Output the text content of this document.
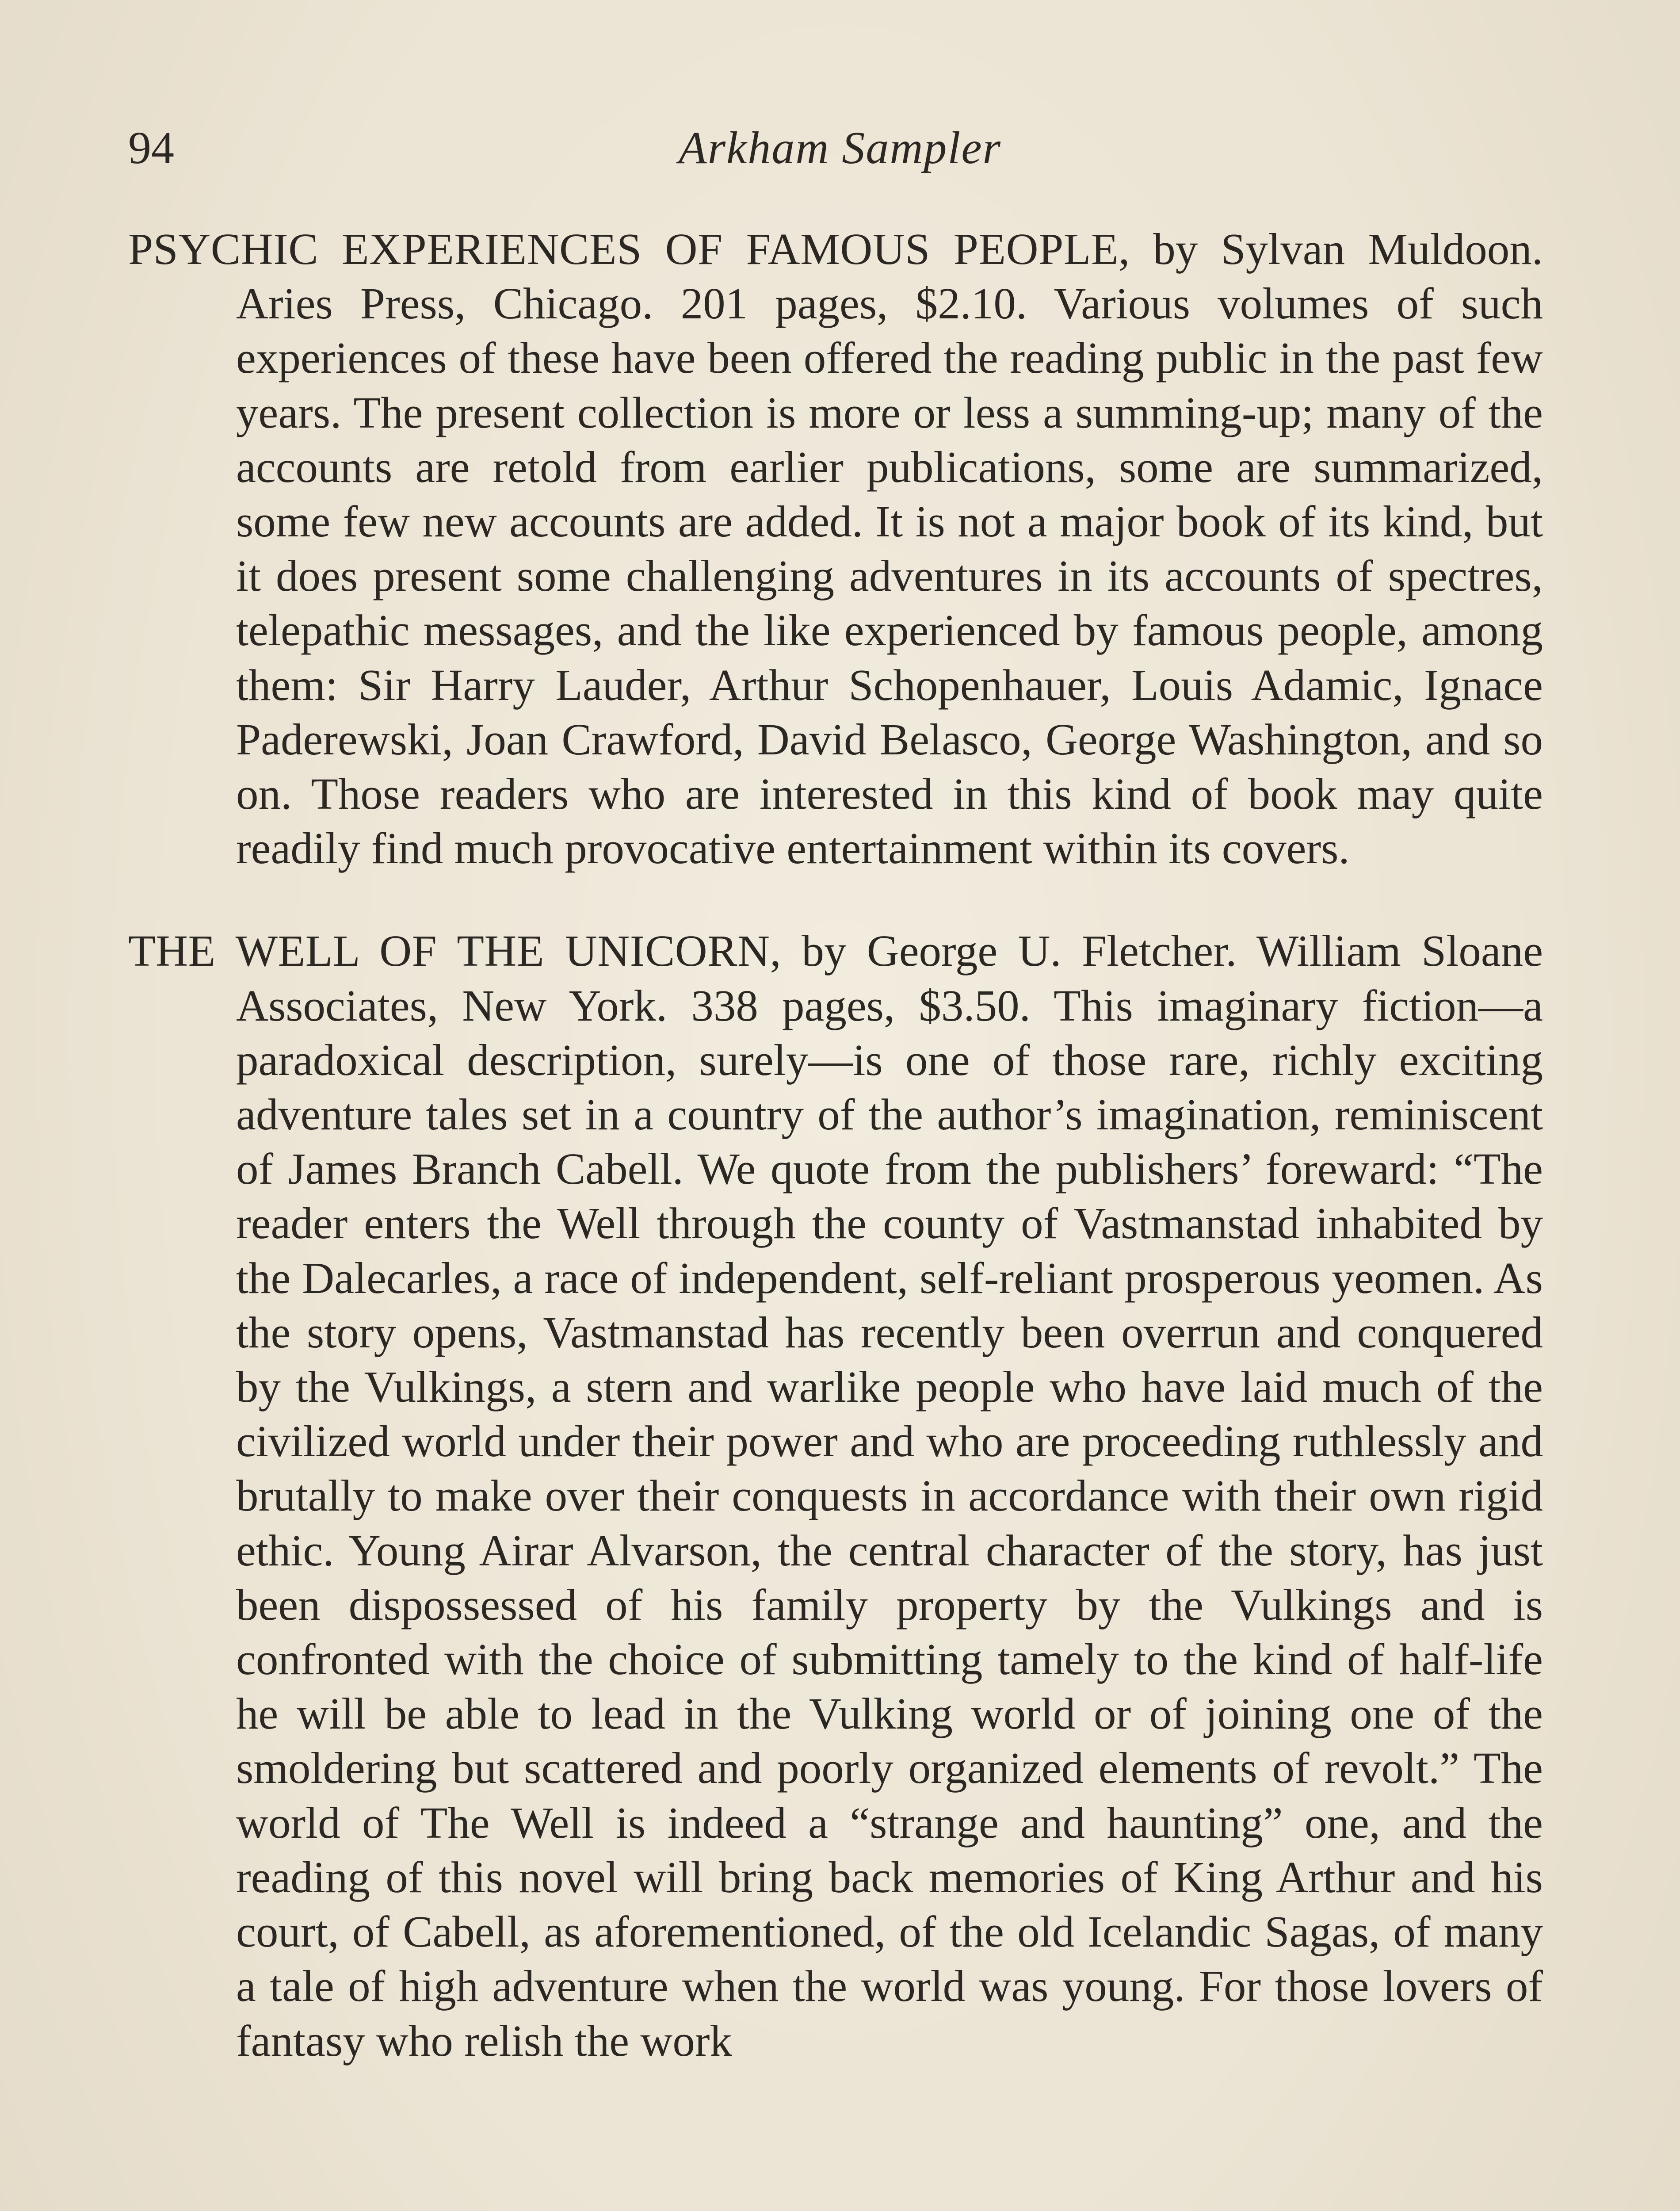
94	Arkham Sampler

PSYCHIC EXPERIENCES OF FAMOUS PEOPLE, by Sylvan Muldoon. Aries Press, Chicago. 201 pages, $2.10. Various volumes of such experiences of these have been offered the reading public in the past few years. The present collection is more or less a summing-up; many of the accounts are retold from earlier publications, some are summarized, some few new accounts are added. It is not a major book of its kind, but it does present some challenging adventures in its accounts of spectres, telepathic messages, and the like experienced by famous people, among them: Sir Harry Lauder, Arthur Schopenhauer, Louis Adamic, Ignace Paderewski, Joan Crawford, David Belasco, George Washington, and so on. Those readers who are interested in this kind of book may quite readily find much provocative entertainment within its covers.

THE WELL OF THE UNICORN, by George U. Fletcher. William Sloane Associates, New York. 338 pages, $3.50. This imaginary fiction—a paradoxical description, surely—is one of those rare, richly exciting adventure tales set in a country of the author’s imagination, reminiscent of James Branch Cabell. We quote from the publishers’ foreward: “The reader enters the Well through the county of Vastmanstad inhabited by the Dalecarles, a race of independent, self-reliant prosperous yeomen. As the story opens, Vastmanstad has recently been overrun and conquered by the Vulkings, a stern and warlike people who have laid much of the civilized world under their power and who are proceeding ruthlessly and brutally to make over their conquests in accordance with their own rigid ethic. Young Airar Alvarson, the central character of the story, has just been dispossessed of his family property by the Vulkings and is confronted with the choice of submitting tamely to the kind of half-life he will be able to lead in the Vulking world or of joining one of the smoldering but scattered and poorly organized elements of revolt.” The world of The Well is indeed a “strange and haunting” one, and the reading of this novel will bring back memories of King Arthur and his court, of Cabell, as aforementioned, of the old Icelandic Sagas, of many a tale of high adventure when the world was young. For those lovers of fantasy who relish the work
